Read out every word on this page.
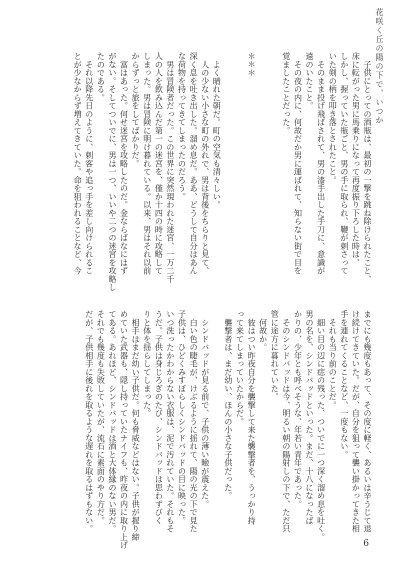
花咲く丘の陽の下で、いつか
　子供にとっての酒瓶は、最初の一撃を跳ね除けられたこと、
床に転がった男に馬乗りになって再度振り下ろした時は、
しかし、握っていた瓶ごと、男の手に取られ、鞭が刺さって
いた剣の柄を叩き落とされたこと。
　そのまま投げ飛ばされて、男の漆手出した手刀に、意識が
遠のいたこと。
　その夜の内に、何故だか男に運ばれて、知らない街で目を
覚ましたことだった。

＊＊＊

　よく晴れた朝だ。町の空気も清々しい。
　人の少ない小さな町の外れで、男は背後をちらりと見て、
深く息を吐き出した。溜め息だ。ああ、どうして自分はあん
な荷物を持ってきてしまったのだろう。
　男は冒険者だった。この世界に突然現われた迷宮、一万二千
人の人を飲み込んだ第一の迷宮を、僅か十四の時に攻略して
しまった。男は冒険に明け暮れている。以来、男はそれ以前
からずっと旅をしてばかりだ。
　富はあった。何せ迷宮を攻略したのだ。金ならばなにはず
がない。そしてついでに、男は一つ、いいや二つの迷宮を攻略し
たのである。
　それ以降先日のように、刺客や追っ手を差し向けられるこ
とが少なからず増えてきていた。命を狙われることなど、今
までにも幾度もあって、その度に軽く、あるいは辛うじて退
け続けてきていた。だが、自分を狙って襲い掛かってきた相
手を連れてくることなど、一度もない。
　それも当り前のことだ。
　細い目の辺に痣の残った、ついでに一つ深く溜め息を吐く。
男の名を、シンドバッドといった。まだ、十八になったば
かりの、少年とも呼べそうな、年若い青年であった。
　そのシンドバッドは今、明るい朝の陽射しの下で、ただ只
管に途方に暮れていた。
　何故か。
　彼はつい昨夜自分を襲撃して来た襲撃者を、うっかり持
って来てしまっていたからだ。
　襲撃者は、まだ幼い、ほんの小さな子供だった。

　シンドバッドが見る前で、子供の薄い瞼が震えた。
　白い色の睫毛が、けぶるように揺れて、陽の光の下で見た
子供は、ひどくみすぼらしくシンドバッドの目に映った。
いつ洗ったかわからない衣服は、泥で汚れていた。それもそ
うだ。子供は身じろぎのたび、シンドバッドは思わずびく
りと体を揺らしてしまった。
　相手はまだ幼い子供だ。何も脅威などはない。子供が握り締
めていた武器も、隠し持っていたナイフも、昨夜の内に取り上げ
てある。あれほど、シンドバッドは酒と大体縁のない男だ。
それでも幾度も失敗していたが、流石に素面のやり方だ。
だが、子供相手に後れを取るような遅れを取るはずもない。
6
